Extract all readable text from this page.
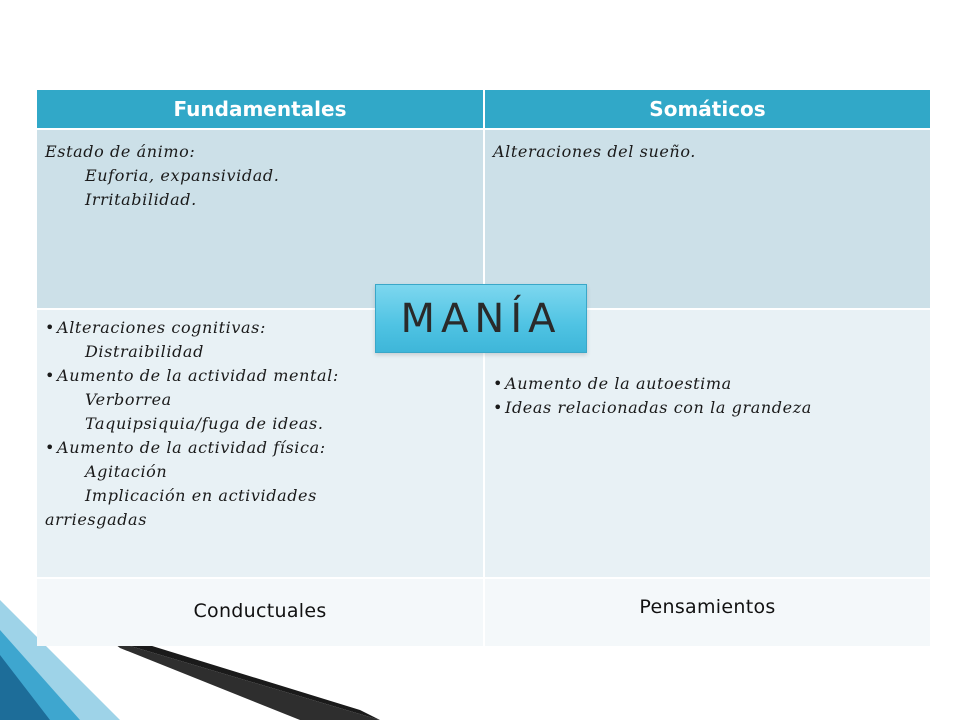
Fundamentales	Somáticos
Estado de ánimo:
Euforia, expansividad.
Irritabilidad.
Alteraciones del sueño.
• Alteraciones cognitivas:
Distraibilidad
• Aumento de la actividad mental:
Verborrea
Taquipsiquia/fuga de ideas.
• Aumento de la actividad física:
Agitación
Implicación en actividades
arriesgadas
• Aumento de la autoestima
• Ideas relacionadas con la grandeza
Conductuales	Pensamientos
MANÍA
